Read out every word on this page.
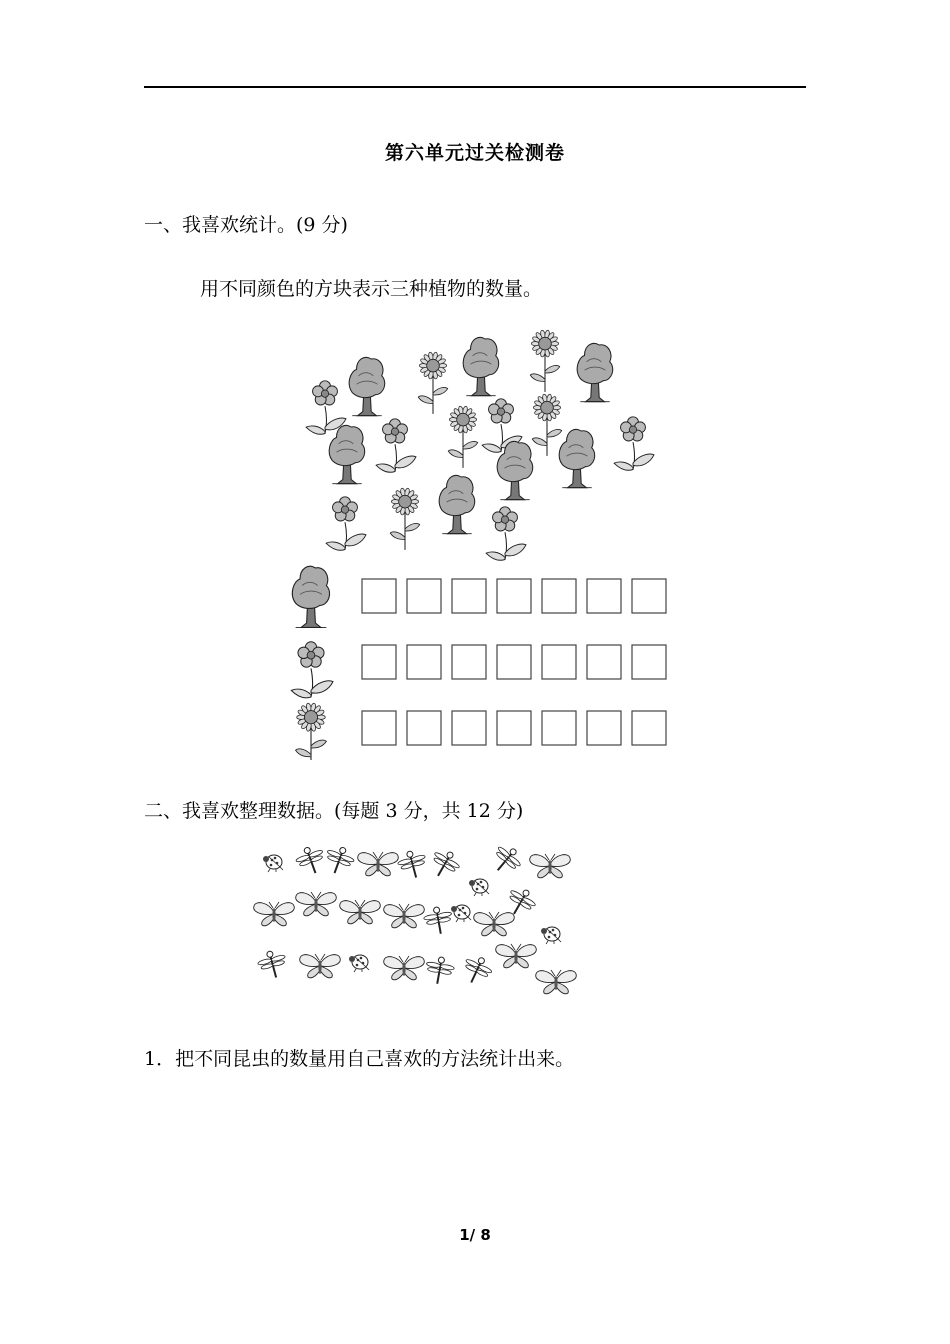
第六单元过关检测卷
一、我喜欢统计。(9 分)
用不同颜色的方块表示三种植物的数量。
二、我喜欢整理数据。(每题 3 分，共 12 分)
1．把不同昆虫的数量用自己喜欢的方法统计出来。
1/ 8
